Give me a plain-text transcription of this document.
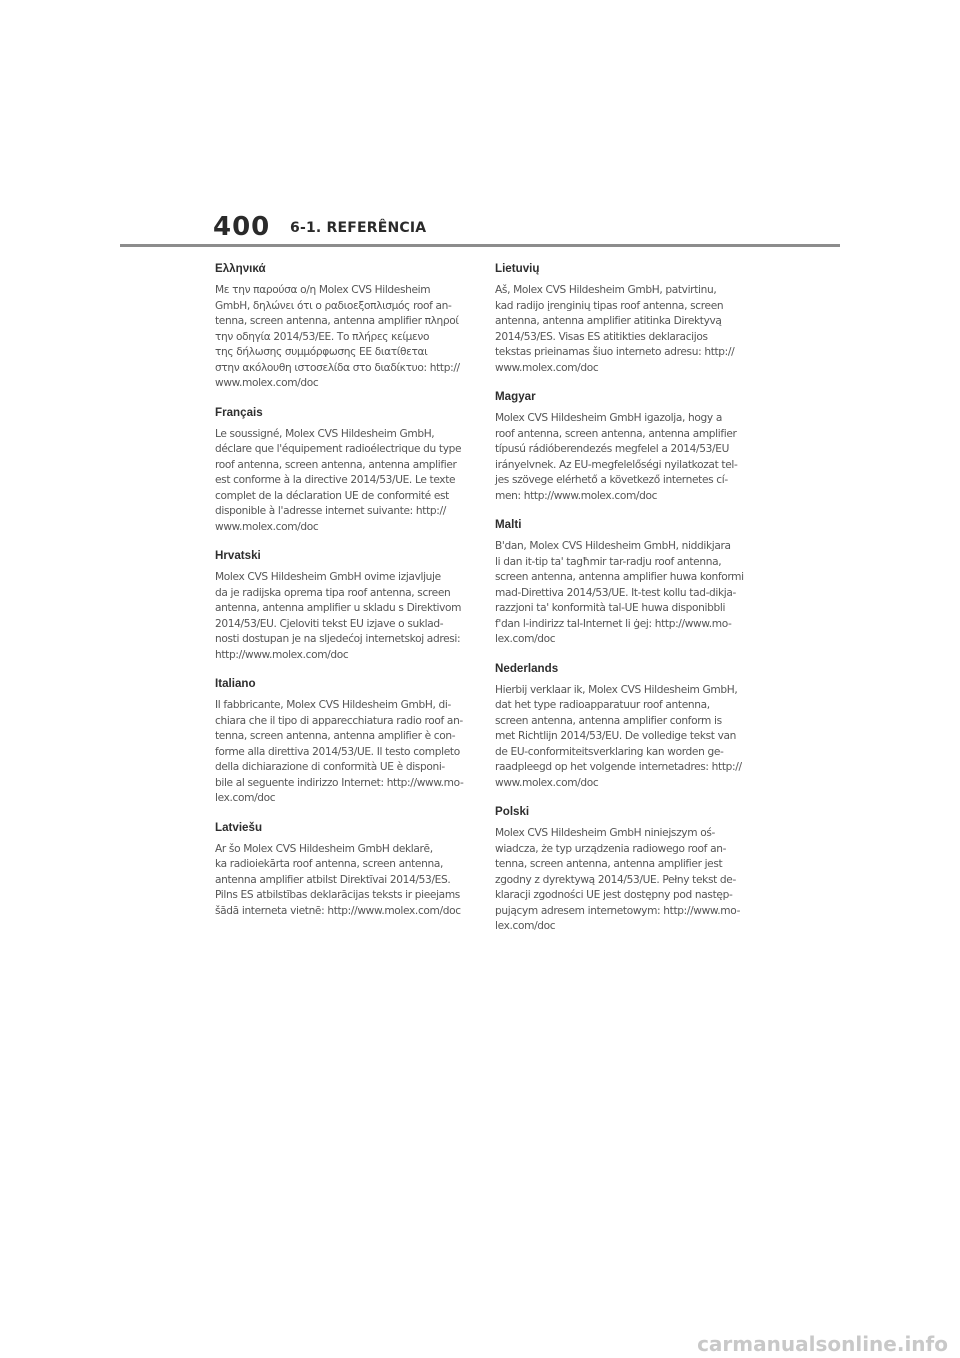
400 6-1. REFERÊNCIA
Ελληνικά
Με την παρούσα ο/η Molex CVS Hildesheim
GmbH, δηλώνει ότι ο ραδιοεξοπλισμός roof an-
tenna, screen antenna, antenna amplifier πληροί
την οδηγία 2014/53/ΕΕ. Το πλήρες κείμενο
της δήλωσης συμμόρφωσης ΕΕ διατίθεται
στην ακόλουθη ιστοσελίδα στο διαδίκτυο: http://
www.molex.com/doc
Français
Le soussigné, Molex CVS Hildesheim GmbH,
déclare que l'équipement radioélectrique du type
roof antenna, screen antenna, antenna amplifier
est conforme à la directive 2014/53/UE. Le texte
complet de la déclaration UE de conformité est
disponible à l'adresse internet suivante: http://
www.molex.com/doc
Hrvatski
Molex CVS Hildesheim GmbH ovime izjavljuje
da je radijska oprema tipa roof antenna, screen
antenna, antenna amplifier u skladu s Direktivom
2014/53/EU. Cjeloviti tekst EU izjave o suklad-
nosti dostupan je na sljedećoj internetskoj adresi:
http://www.molex.com/doc
Italiano
Il fabbricante, Molex CVS Hildesheim GmbH, di-
chiara che il tipo di apparecchiatura radio roof an-
tenna, screen antenna, antenna amplifier è con-
forme alla direttiva 2014/53/UE. Il testo completo
della dichiarazione di conformità UE è disponi-
bile al seguente indirizzo Internet: http://www.mo-
lex.com/doc
Latviešu
Ar šo Molex CVS Hildesheim GmbH deklarē,
ka radioiekārta roof antenna, screen antenna,
antenna amplifier atbilst Direktīvai 2014/53/ES.
Pilns ES atbilstības deklarācijas teksts ir pieejams
šādā interneta vietnē: http://www.molex.com/doc
Lietuvių
Aš, Molex CVS Hildesheim GmbH, patvirtinu,
kad radijo įrenginių tipas roof antenna, screen
antenna, antenna amplifier atitinka Direktyvą
2014/53/ES. Visas ES atitikties deklaracijos
tekstas prieinamas šiuo interneto adresu: http://
www.molex.com/doc
Magyar
Molex CVS Hildesheim GmbH igazolja, hogy a
roof antenna, screen antenna, antenna amplifier
típusú rádióberendezés megfelel a 2014/53/EU
irányelvnek. Az EU-megfelelőségi nyilatkozat tel-
jes szövege elérhető a következő internetes cí-
men: http://www.molex.com/doc
Malti
B'dan, Molex CVS Hildesheim GmbH, niddikjara
li dan it-tip ta' tagħmir tar-radju roof antenna,
screen antenna, antenna amplifier huwa konformi
mad-Direttiva 2014/53/UE. It-test kollu tad-dikja-
razzjoni ta' konformità tal-UE huwa disponibbli
f'dan l-indirizz tal-Internet li ġej: http://www.mo-
lex.com/doc
Nederlands
Hierbij verklaar ik, Molex CVS Hildesheim GmbH,
dat het type radioapparatuur roof antenna,
screen antenna, antenna amplifier conform is
met Richtlijn 2014/53/EU. De volledige tekst van
de EU-conformiteitsverklaring kan worden ge-
raadpleegd op het volgende internetadres: http://
www.molex.com/doc
Polski
Molex CVS Hildesheim GmbH niniejszym oś-
wiadcza, że typ urządzenia radiowego roof an-
tenna, screen antenna, antenna amplifier jest
zgodny z dyrektywą 2014/53/UE. Pełny tekst de-
klaracji zgodności UE jest dostępny pod następ-
pującym adresem internetowym: http://www.mo-
lex.com/doc
carmanualsonline.info
